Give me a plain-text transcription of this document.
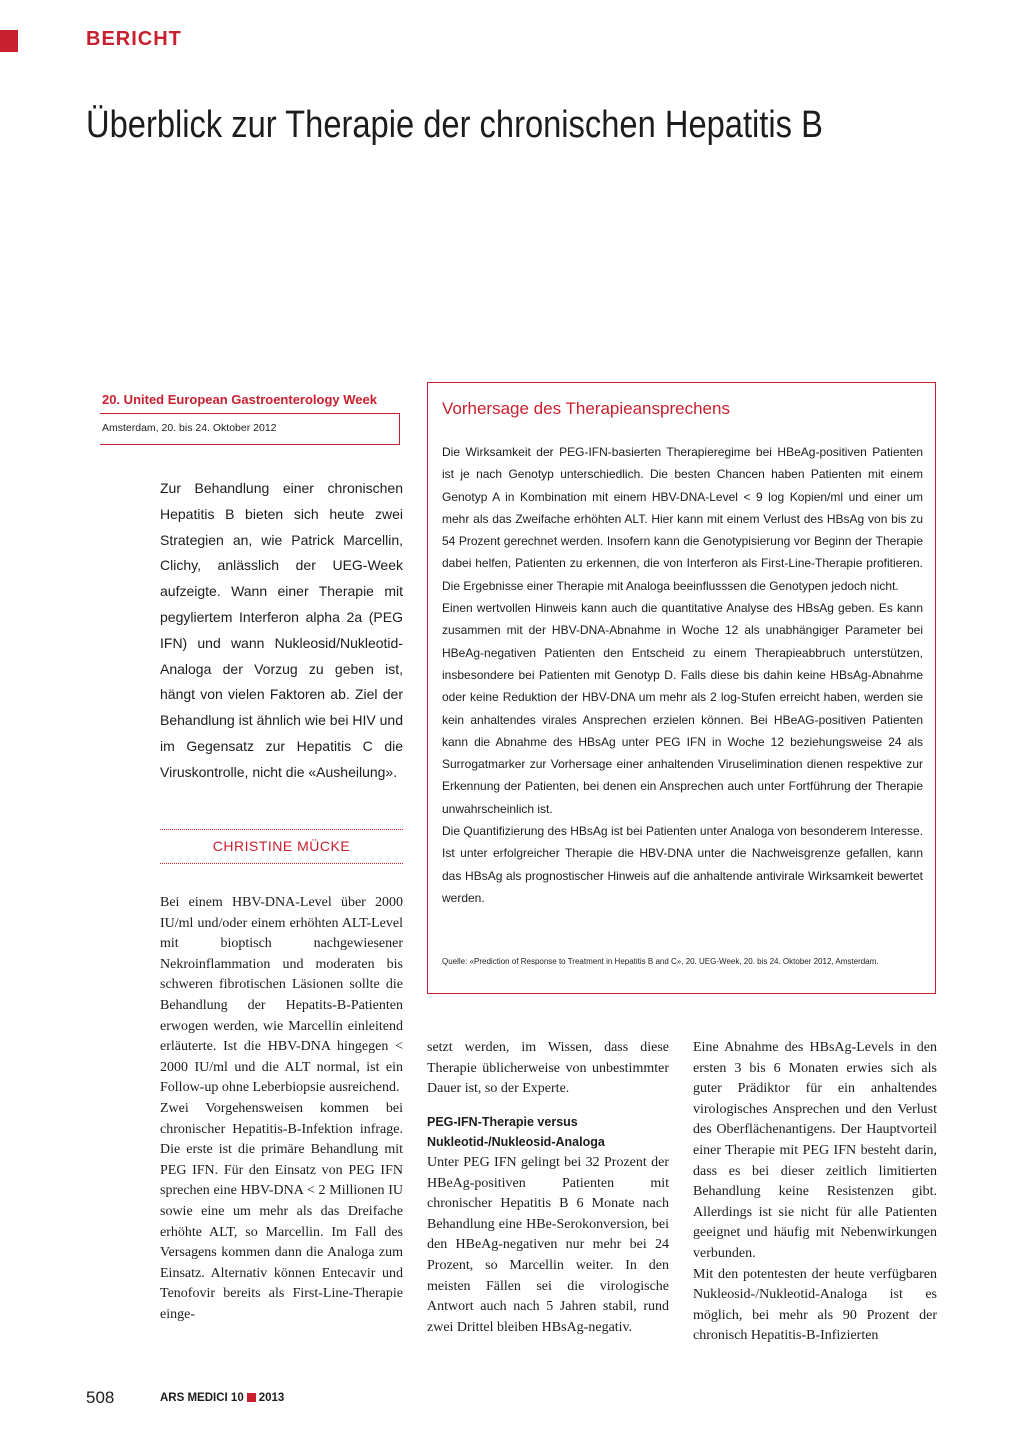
BERICHT
Überblick zur Therapie der chronischen Hepatitis B
20. United European Gastroenterology Week
Amsterdam, 20. bis 24. Oktober 2012
Zur Behandlung einer chronischen Hepatitis B bieten sich heute zwei Strategien an, wie Patrick Marcellin, Clichy, anlässlich der UEG-Week aufzeigte. Wann einer Therapie mit pegyliertem Interferon alpha 2a (PEG IFN) und wann Nukleosid/Nukleotid-Analoga der Vorzug zu geben ist, hängt von vielen Faktoren ab. Ziel der Behandlung ist ähnlich wie bei HIV und im Gegensatz zur Hepatitis C die Viruskontrolle, nicht die «Ausheilung».
CHRISTINE MÜCKE

Bei einem HBV-DNA-Level über 2000 IU/ml und/oder einem erhöhten ALT-Level mit bioptisch nachgewiesener Nekroinflammation und moderaten bis schweren fibrotischen Läsionen sollte die Behandlung der Hepatits-B-Patienten erwogen werden, wie Marcellin einleitend erläuterte. Ist die HBV-DNA hingegen < 2000 IU/ml und die ALT normal, ist ein Follow-up ohne Leberbiopsie ausreichend.

Zwei Vorgehensweisen kommen bei chronischer Hepatitis-B-Infektion infrage. Die erste ist die primäre Behandlung mit PEG IFN. Für den Einsatz von PEG IFN sprechen eine HBV-DNA < 2 Millionen IU sowie eine um mehr als das Dreifache erhöhte ALT, so Marcellin. Im Fall des Versagens kommen dann die Analoga zum Einsatz. Alternativ können Entecavir und Tenofovir bereits als First-Line-Therapie einge-

setzt werden, im Wissen, dass diese Therapie üblicherweise von unbestimmter Dauer ist, so der Experte.

PEG-IFN-Therapie versus Nukleotid-/Nukleosid-Analoga

Unter PEG IFN gelingt bei 32 Prozent der HBeAg-positiven Patienten mit chronischer Hepatitis B 6 Monate nach Behandlung eine HBe-Serokonversion, bei den HBeAg-negativen nur mehr bei 24 Prozent, so Marcellin weiter. In den meisten Fällen sei die virologische Antwort auch nach 5 Jahren stabil, rund zwei Drittel bleiben HBsAg-negativ.

Eine Abnahme des HBsAg-Levels in den ersten 3 bis 6 Monaten erwies sich als guter Prädiktor für ein anhaltendes virologisches Ansprechen und den Verlust des Oberflächenantigens. Der Hauptvorteil einer Therapie mit PEG IFN besteht darin, dass es bei dieser zeitlich limitierten Behandlung keine Resistenzen gibt. Allerdings ist sie nicht für alle Patienten geeignet und häufig mit Nebenwirkungen verbunden.

Mit den potentesten der heute verfügbaren Nukleosid-/Nukleotid-Analoga ist es möglich, bei mehr als 90 Prozent der chronisch Hepatitis-B-Infizierten

Vorhersage des Therapieansprechens

Die Wirksamkeit der PEG-IFN-basierten Therapieregime bei HBeAg-positiven Patienten ist je nach Genotyp unterschiedlich. Die besten Chancen haben Patienten mit einem Genotyp A in Kombination mit einem HBV-DNA-Level < 9 log Kopien/ml und einer um mehr als das Zweifache erhöhten ALT. Hier kann mit einem Verlust des HBsAg von bis zu 54 Prozent gerechnet werden. Insofern kann die Genotypisierung vor Beginn der Therapie dabei helfen, Patienten zu erkennen, die von Interferon als First-Line-Therapie profitieren. Die Ergebnisse einer Therapie mit Analoga beeinflusssen die Genotypen jedoch nicht.

Einen wertvollen Hinweis kann auch die quantitative Analyse des HBsAg geben. Es kann zusammen mit der HBV-DNA-Abnahme in Woche 12 als unabhängiger Parameter bei HBeAg-negativen Patienten den Entscheid zu einem Therapieabbruch unterstützen, insbesondere bei Patienten mit Genotyp D. Falls diese bis dahin keine HBsAg-Abnahme oder keine Reduktion der HBV-DNA um mehr als 2 log-Stufen erreicht haben, werden sie kein anhaltendes virales Ansprechen erzielen können. Bei HBeAG-positiven Patienten kann die Abnahme des HBsAg unter PEG IFN in Woche 12 beziehungsweise 24 als Surrogatmarker zur Vorhersage einer anhaltenden Viruselimination dienen respektive zur Erkennung der Patienten, bei denen ein Ansprechen auch unter Fortführung der Therapie unwahrscheinlich ist.

Die Quantifizierung des HBsAg ist bei Patienten unter Analoga von besonderem Interesse. Ist unter erfolgreicher Therapie die HBV-DNA unter die Nachweisgrenze gefallen, kann das HBsAg als prognostischer Hinweis auf die anhaltende antivirale Wirksamkeit bewertet werden.

Quelle: «Prediction of Response to Treatment in Hepatitis B and C», 20. UEG-Week, 20. bis 24. Oktober 2012, Amsterdam.
508	ARS MEDICI 10 2013
